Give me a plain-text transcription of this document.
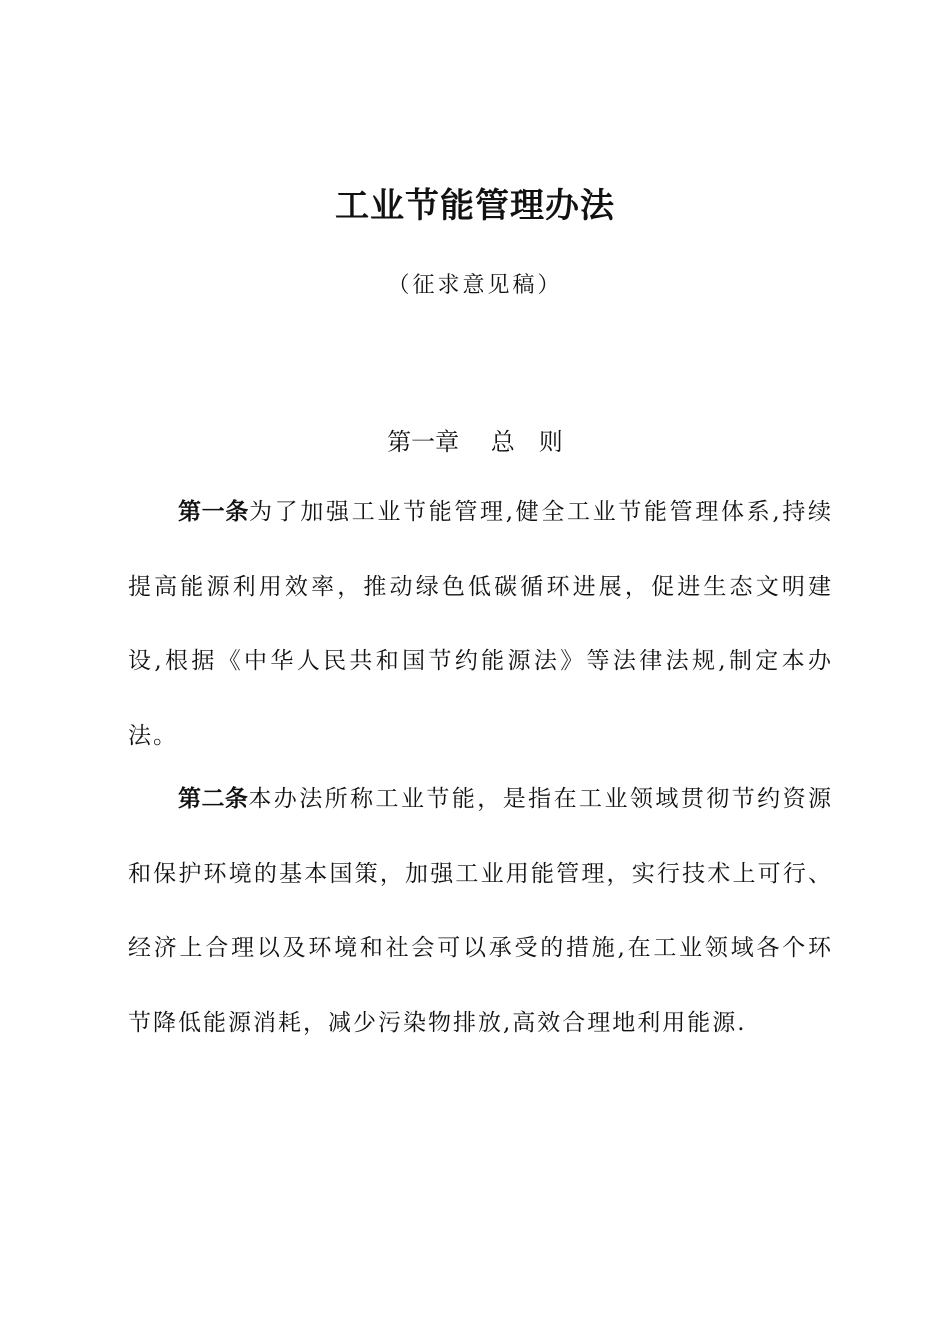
工业节能管理办法
（征求意见稿）
第一章　 总　则

第一条为了加强工业节能管理,健全工业节能管理体系,持续提高能源利用效率，推动绿色低碳循环进展，促进生态文明建设,根据《中华人民共和国节约能源法》等法律法规,制定本办法。

第二条本办法所称工业节能，是指在工业领域贯彻节约资源和保护环境的基本国策，加强工业用能管理，实行技术上可行、经济上合理以及环境和社会可以承受的措施,在工业领域各个环节降低能源消耗，减少污染物排放,高效合理地利用能源.
